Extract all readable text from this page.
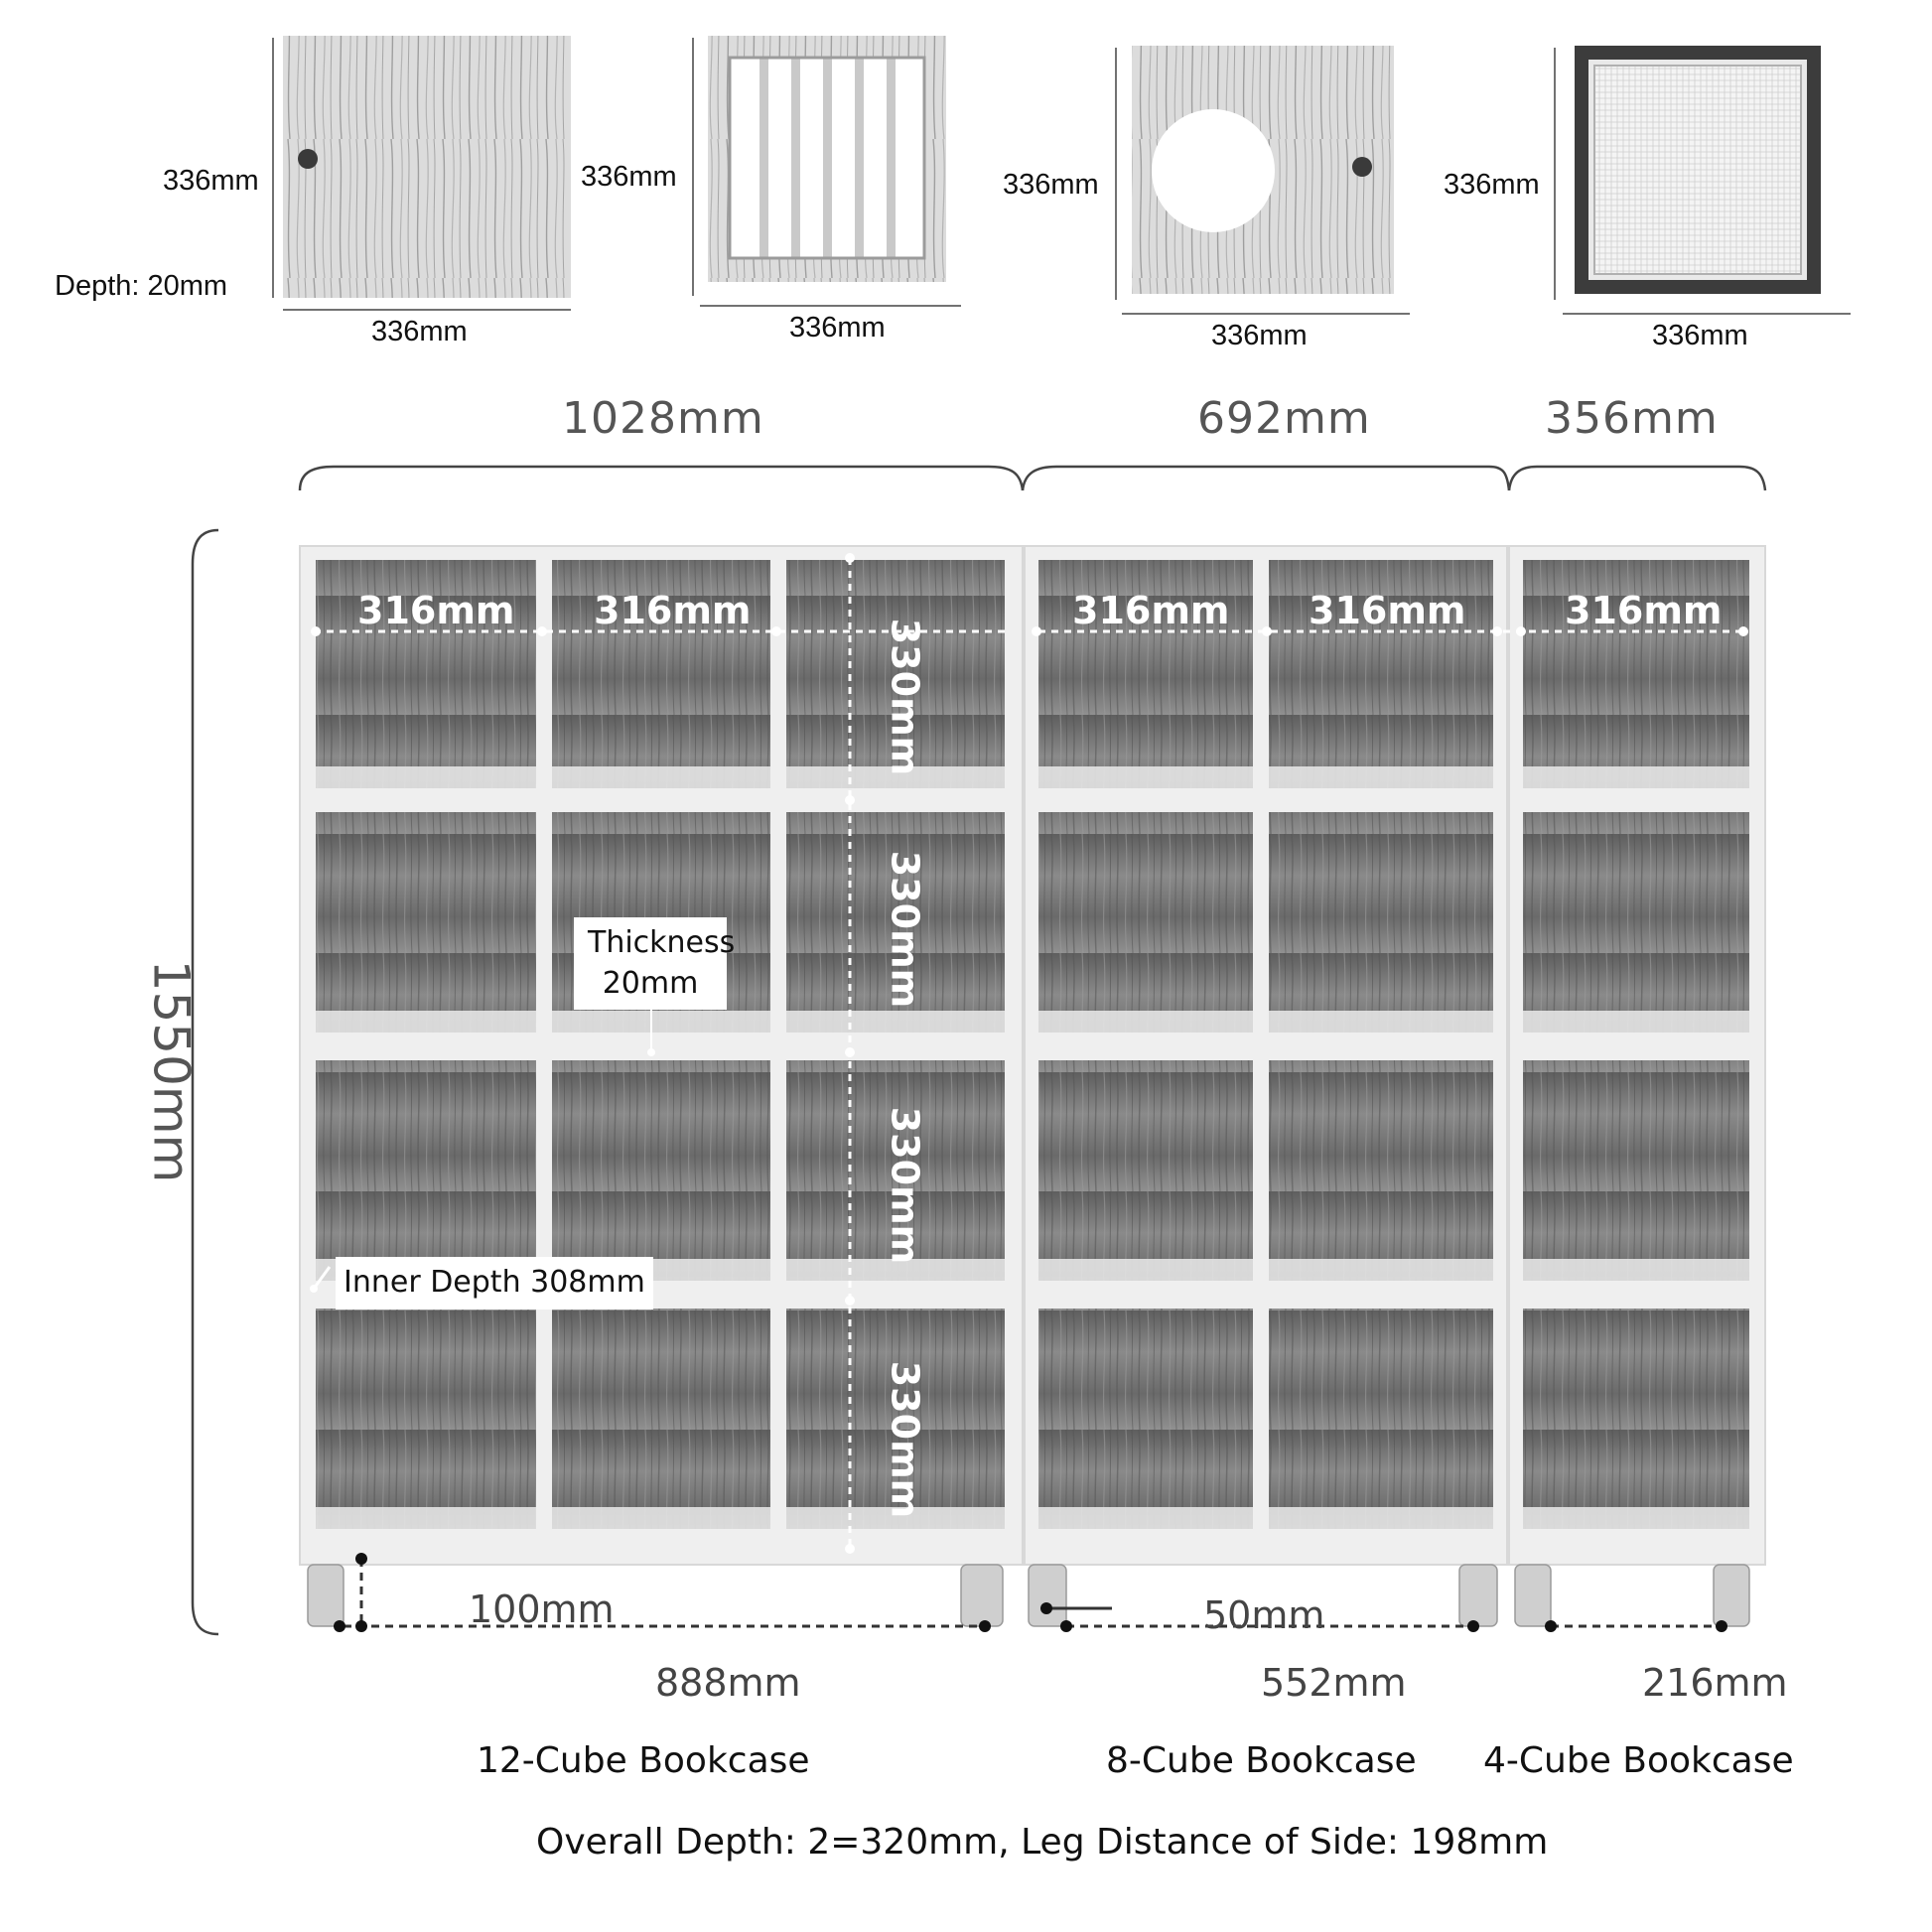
336mm
Depth: 20mm
336mm
336mm
336mm
336mm
336mm
336mm
336mm
1028mm	692mm	356mm
1550mm
316mm 316mm	316mm 316mm	316mm
330mm
330mm
330mm
330mm
Thickness
20mm
Inner Depth 308mm
100mm
888mm
50mm
552mm	216mm
12-Cube Bookcase	8-Cube Bookcase 4-Cube Bookcase
Overall Depth: 2=320mm, Leg Distance of Side: 198mm
